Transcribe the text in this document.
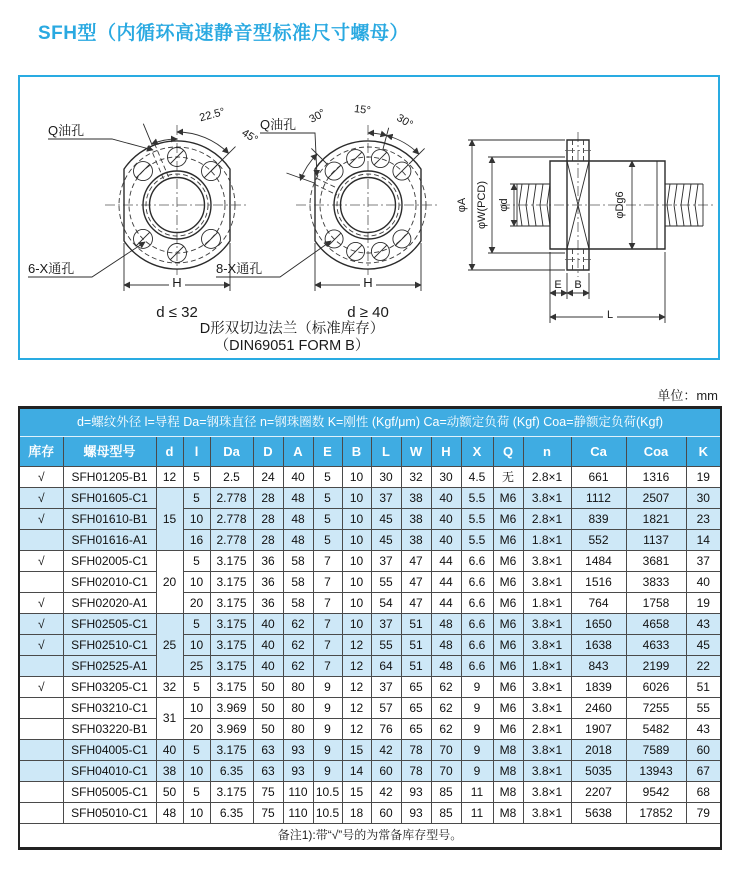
SFH型（内循环高速静音型标准尺寸螺母）
45°
22.5°
Q油孔
6-X通孔
H
d ≤ 32
15°
30°
30°
Q油孔
8-X通孔
H
d ≥ 40
D形双切边法兰（标准库存）
（DIN69051 FORM B）
φA φW(PCD) φd	φDg6
E B
L
单位：mm
d=螺纹外径 l=导程 Da=钢珠直径 n=钢珠圈数 K=刚性 (Kgf/μm) Ca=动额定负荷 (Kgf) Coa=静额定负荷(Kgf)																	
库存	螺母型号	d	l	Da	D	A	E	B	L	W	H	X	Q	n	Ca	Coa	K
√	SFH01205-B1	12	5	2.5	24	40	5	10	30	32	30	4.5	无	2.8×1	661	1316	19
√	SFH01605-C1	15	5	2.778	28	48	5	10	37	38	40	5.5	M6	3.8×1	1112	2507	30
√	SFH01610-B1		10	2.778	28	48	5	10	45	38	40	5.5	M6	2.8×1	839	1821	23
	SFH01616-A1		16	2.778	28	48	5	10	45	38	40	5.5	M6	1.8×1	552	1137	14
√	SFH02005-C1	20	5	3.175	36	58	7	10	37	47	44	6.6	M6	3.8×1	1484	3681	37
	SFH02010-C1		10	3.175	36	58	7	10	55	47	44	6.6	M6	3.8×1	1516	3833	40
√	SFH02020-A1		20	3.175	36	58	7	10	54	47	44	6.6	M6	1.8×1	764	1758	19
√	SFH02505-C1	25	5	3.175	40	62	7	10	37	51	48	6.6	M6	3.8×1	1650	4658	43
√	SFH02510-C1		10	3.175	40	62	7	12	55	51	48	6.6	M6	3.8×1	1638	4633	45
	SFH02525-A1		25	3.175	40	62	7	12	64	51	48	6.6	M6	1.8×1	843	2199	22
√	SFH03205-C1	32	5	3.175	50	80	9	12	37	65	62	9	M6	3.8×1	1839	6026	51
	SFH03210-C1	31	10	3.969	50	80	9	12	57	65	62	9	M6	3.8×1	2460	7255	55
	SFH03220-B1		20	3.969	50	80	9	12	76	65	62	9	M6	2.8×1	1907	5482	43
	SFH04005-C1	40	5	3.175	63	93	9	15	42	78	70	9	M8	3.8×1	2018	7589	60
	SFH04010-C1	38	10	6.35	63	93	9	14	60	78	70	9	M8	3.8×1	5035	13943	67
	SFH05005-C1	50	5	3.175	75	110	10.5	15	42	93	85	11	M8	3.8×1	2207	9542	68
	SFH05010-C1	48	10	6.35	75	110	10.5	18	60	93	85	11	M8	3.8×1	5638	17852	79
备注1):带“√”号的为常备库存型号。																	
